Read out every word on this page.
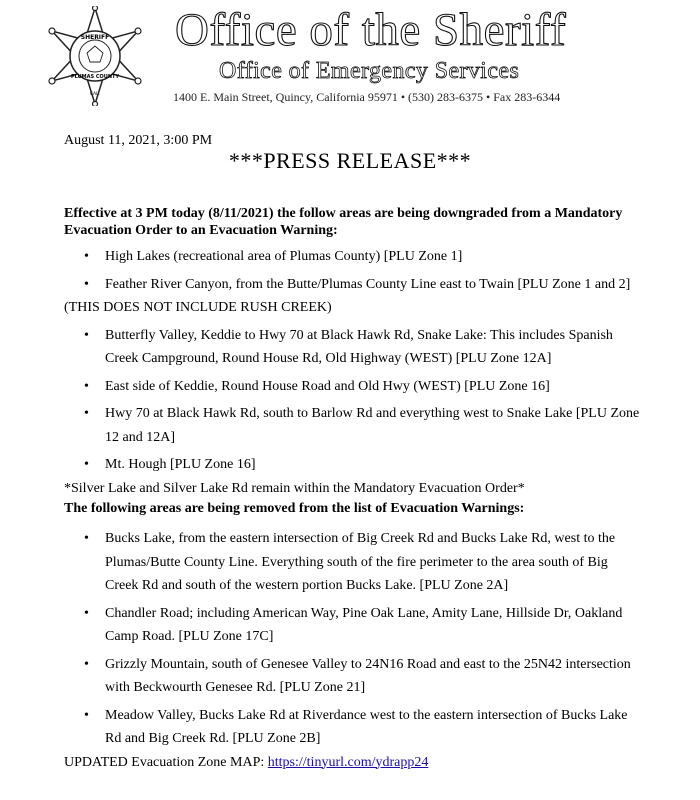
SHERIFF
PLUMAS COUNTY
CAL.
Office of the Sheriff
Office of Emergency Services
1400 E. Main Street, Quincy, California 95971 • (530) 283-6375 • Fax 283-6344
August 11, 2021, 3:00 PM
***PRESS RELEASE***

Effective at 3 PM today (8/11/2021) the follow areas are being downgraded from a Mandatory Evacuation Order to an Evacuation Warning:

• High Lakes (recreational area of Plumas County) [PLU Zone 1]
• Feather River Canyon, from the Butte/Plumas County Line east to Twain [PLU Zone 1 and 2]

(THIS DOES NOT INCLUDE RUSH CREEK)

• Butterfly Valley, Keddie to Hwy 70 at Black Hawk Rd, Snake Lake: This includes Spanish Creek Campground, Round House Rd, Old Highway (WEST) [PLU Zone 12A]
• East side of Keddie, Round House Road and Old Hwy (WEST) [PLU Zone 16]
• Hwy 70 at Black Hawk Rd, south to Barlow Rd and everything west to Snake Lake [PLU Zone 12 and 12A]
• Mt. Hough [PLU Zone 16]

*Silver Lake and Silver Lake Rd remain within the Mandatory Evacuation Order*

The following areas are being removed from the list of Evacuation Warnings:

• Bucks Lake, from the eastern intersection of Big Creek Rd and Bucks Lake Rd, west to the Plumas/Butte County Line. Everything south of the fire perimeter to the area south of Big Creek Rd and south of the western portion Bucks Lake. [PLU Zone 2A]
• Chandler Road; including American Way, Pine Oak Lane, Amity Lane, Hillside Dr, Oakland Camp Road. [PLU Zone 17C]
• Grizzly Mountain, south of Genesee Valley to 24N16 Road and east to the 25N42 intersection with Beckwourth Genesee Rd. [PLU Zone 21]
• Meadow Valley, Bucks Lake Rd at Riverdance west to the eastern intersection of Bucks Lake Rd and Big Creek Rd. [PLU Zone 2B]

UPDATED Evacuation Zone MAP: https://tinyurl.com/ydrapp24
